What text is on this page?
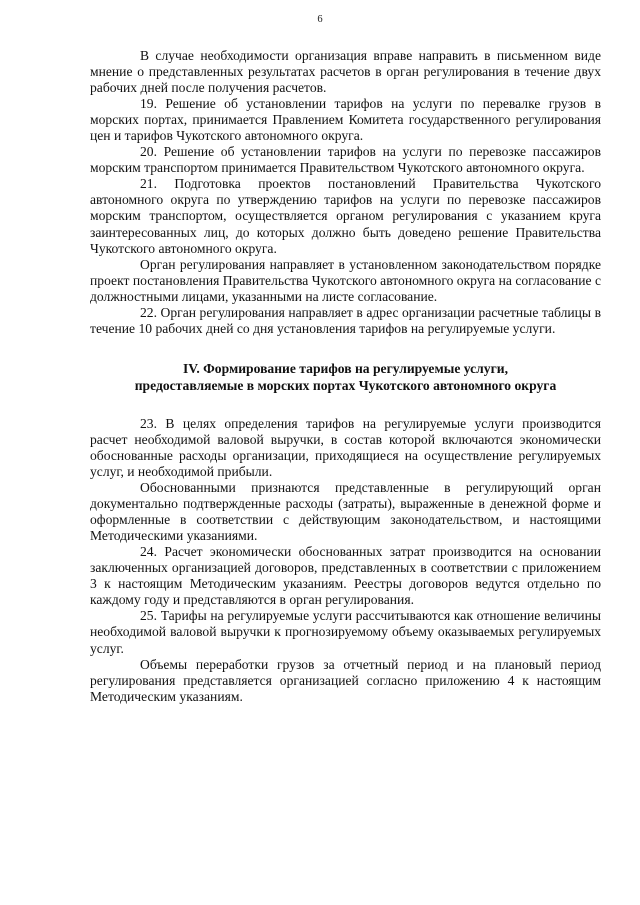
6

В случае необходимости организация вправе направить в письменном виде мнение о представленных результатах расчетов в орган регулирования в течение двух рабочих дней после получения расчетов.

19. Решение об установлении тарифов на услуги по перевалке грузов в морских портах, принимается Правлением Комитета государственного регулирования цен и тарифов Чукотского автономного округа.

20. Решение об установлении тарифов на услуги по перевозке пассажиров морским транспортом принимается Правительством Чукотского автономного округа.

21. Подготовка проектов постановлений Правительства Чукотского автономного округа по утверждению тарифов на услуги по перевозке пассажиров морским транспортом, осуществляется органом регулирования с указанием круга заинтересованных лиц, до которых должно быть доведено решение Правительства Чукотского автономного округа.

Орган регулирования направляет в установленном законодательством порядке проект постановления Правительства Чукотского автономного округа на согласование с должностными лицами, указанными на листе согласование.

22. Орган регулирования направляет в адрес организации расчетные таблицы в течение 10 рабочих дней со дня установления тарифов на регулируемые услуги.

IV. Формирование тарифов на регулируемые услуги,
предоставляемые в морских портах Чукотского автономного округа

23. В целях определения тарифов на регулируемые услуги производится расчет необходимой валовой выручки, в состав которой включаются экономически обоснованные расходы организации, приходящиеся на осуществление регулируемых услуг, и необходимой прибыли.

Обоснованными признаются представленные в регулирующий орган документально подтвержденные расходы (затраты), выраженные в денежной форме и оформленные в соответствии с действующим законодательством, и настоящими Методическими указаниями.

24. Расчет экономически обоснованных затрат производится на основании заключенных организацией договоров, представленных в соответствии с приложением 3 к настоящим Методическим указаниям. Реестры договоров ведутся отдельно по каждому году и представляются в орган регулирования.

25. Тарифы на регулируемые услуги рассчитываются как отношение величины необходимой валовой выручки к прогнозируемому объему оказываемых регулируемых услуг.

Объемы переработки грузов за отчетный период и на плановый период регулирования представляется организацией согласно приложению 4 к настоящим Методическим указаниям.
